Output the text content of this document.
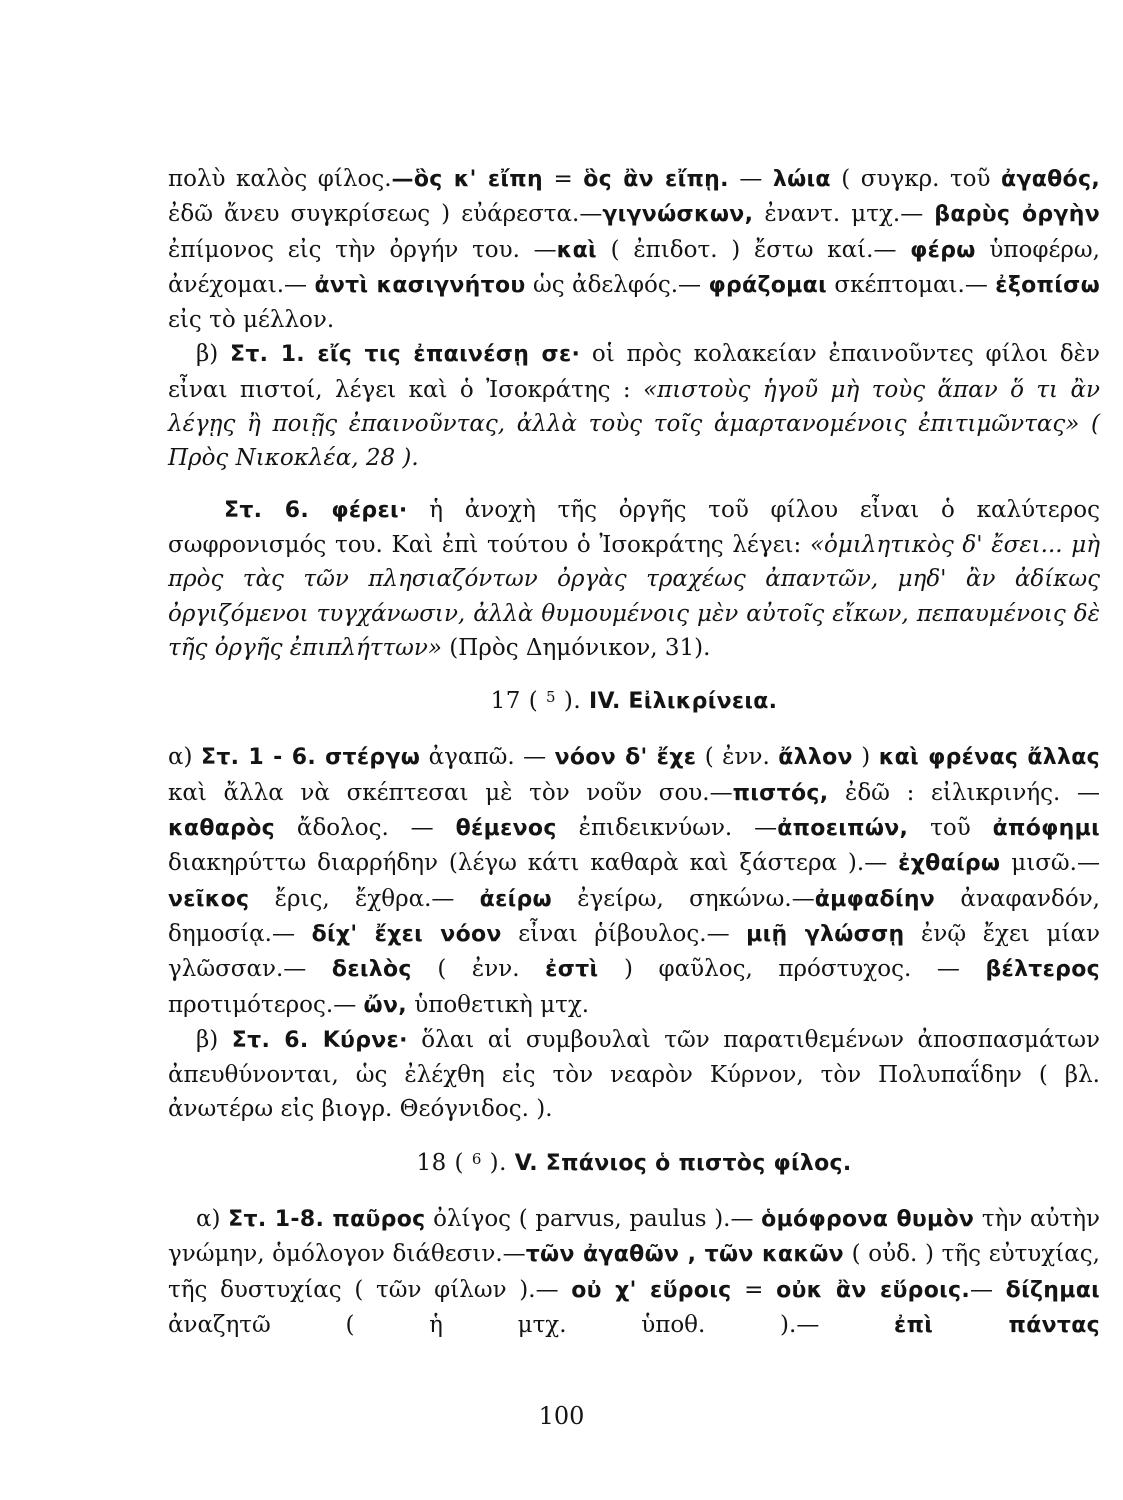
πολὺ καλὸς φίλος.—ὃς κ' εἴπη = ὃς ἂν εἴπῃ. — λώια ( συγκρ. τοῦ ἀγαθός, ἐδῶ ἄνευ συγκρίσεως ) εὐάρεστα.—γιγνώσκων, ἐναντ. μτχ.— βαρὺς ὀργὴν ἐπίμονος εἰς τὴν ὀργήν του. —καὶ ( ἐπιδοτ. ) ἔστω καί.— φέρω ὑποφέρω, ἀνέχομαι.— ἀντὶ κασιγνήτου ὡς ἀδελφός.— φράζομαι σκέπτομαι.— ἐξοπίσω εἰς τὸ μέλλον.

β) Στ. 1. εἴς τις ἐπαινέσῃ σε· οἱ πρὸς κολακείαν ἐπαινοῦντες φίλοι δὲν εἶναι πιστοί, λέγει καὶ ὁ Ἰσοκράτης : «πιστοὺς ἡγοῦ μὴ τοὺς ἅπαν ὅ τι ἂν λέγῃς ἢ ποιῇς ἐπαινοῦντας, ἀλλὰ τοὺς τοῖς ἁμαρτανομένοις ἐπιτιμῶντας» ( Πρὸς Νικοκλέα, 28 ).

Στ. 6. φέρει· ἡ ἀνοχὴ τῆς ὀργῆς τοῦ φίλου εἶναι ὁ καλύτερος σωφρονισμός του. Καὶ ἐπὶ τούτου ὁ Ἰσοκράτης λέγει: «ὁμιλητικὸς δ' ἔσει... μὴ πρὸς τὰς τῶν πλησιαζόντων ὀργὰς τραχέως ἀπαντῶν, μηδ' ἂν ἀδίκως ὀργιζόμενοι τυγχάνωσιν, ἀλλὰ θυμουμένοις μὲν αὐτοῖς εἴκων, πεπαυμένοις δὲ τῆς ὀργῆς ἐπιπλήττων» (Πρὸς Δημόνικον, 31).

17 ( $^5$ ). IV. Εἰλικρίνεια.

α) Στ. 1 - 6. στέργω ἀγαπῶ. — νόον δ' ἔχε ( ἐνν. ἄλλον ) καὶ φρένας ἄλλας καὶ ἄλλα νὰ σκέπτεσαι μὲ τὸν νοῦν σου.—πιστός, ἐδῶ : εἰλικρινής. — καθαρὸς ἄδολος. — θέμενος ἐπιδεικνύων. —ἀποειπών, τοῦ ἀπόφημι διακηρύττω διαρρήδην (λέγω κάτι καθαρὰ καὶ ξάστερα ).— ἐχθαίρω μισῶ.— νεῖκος ἔρις, ἔχθρα.— ἀείρω ἐγείρω, σηκώνω.—ἀμφαδίην ἀναφανδόν, δημοσίᾳ.— δίχ' ἔχει νόον εἶναι ῥίβουλος.— μιῇ γλώσσῃ ἐνῷ ἔχει μίαν γλῶσσαν.— δειλὸς ( ἐνν. ἐστὶ ) φαῦλος, πρόστυχος. — βέλτερος προτιμότερος.— ὤν, ὑποθετικὴ μτχ.

β) Στ. 6. Κύρνε· ὅλαι αἱ συμβουλαὶ τῶν παρατιθεμένων ἀποσπασμάτων ἀπευθύνονται, ὡς ἐλέχθη εἰς τὸν νεαρὸν Κύρνον, τὸν Πολυπαΐδην ( βλ. ἀνωτέρω εἰς βιογρ. Θεόγνιδος. ).

18 ( $^6$ ). V. Σπάνιος ὁ πιστὸς φίλος.

α) Στ. 1-8. παῦρος ὀλίγος ( parvus, paulus ).— ὁμόφρονα θυμὸν τὴν αὐτὴν γνώμην, ὁμόλογον διάθεσιν.—τῶν ἀγαθῶν , τῶν κακῶν ( οὐδ. ) τῆς εὐτυχίας, τῆς δυστυχίας ( τῶν φίλων ).— οὐ χ' εὕροις = οὐκ ἂν εὕροις.— δίζημαι ἀναζητῶ ( ἡ μτχ. ὑποθ. ).— ἐπὶ πάντας

100
